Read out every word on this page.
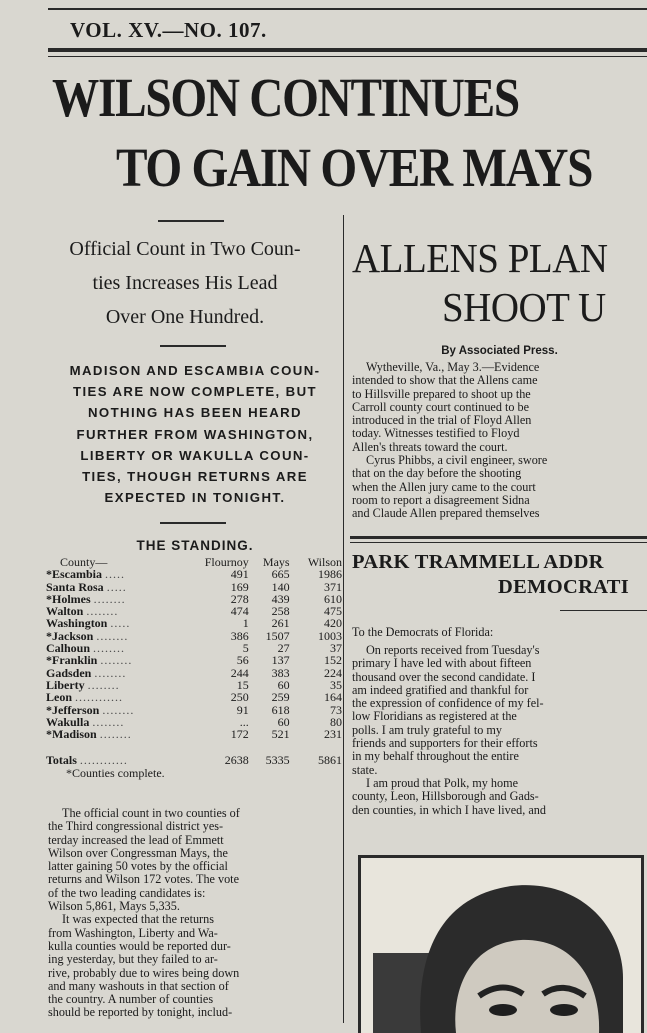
VOL. XV.—NO. 107.
WILSON CONTINUES
TO GAIN OVER MAYS
Official Count in Two Coun-
ties Increases His Lead
Over One Hundred.
MADISON AND ESCAMBIA COUN-
TIES ARE NOW COMPLETE, BUT
NOTHING HAS BEEN HEARD
FURTHER FROM WASHINGTON,
LIBERTY OR WAKULLA COUN-
TIES, THOUGH RETURNS ARE
EXPECTED IN TONIGHT.
THE STANDING.
County—	Flournoy	Mays	Wilson
*Escambia .....	491	665	1986
Santa Rosa .....	169	140	371
*Holmes ........	278	439	610
Walton ........	474	258	475
Washington .....	1	261	420
*Jackson ........	386	1507	1003
Calhoun ........	5	27	37
*Franklin ........	56	137	152
Gadsden ........	244	383	224
Liberty ........	15	60	35
Leon ............	250	259	164
*Jefferson ........	91	618	73
Wakulla ........	...	60	80
*Madison ........	172	521	231
Totals ............	2638	5335	5861
*Counties complete.			
The official count in two counties of
the Third congressional district yes-
terday increased the lead of Emmett
Wilson over Congressman Mays, the
latter gaining 50 votes by the official
returns and Wilson 172 votes. The vote
of the two leading candidates is:
Wilson 5,861, Mays 5,335.
It was expected that the returns
from Washington, Liberty and Wa-
kulla counties would be reported dur-
ing yesterday, but they failed to ar-
rive, probably due to wires being down
and many washouts in that section of
the country. A number of counties
should be reported by tonight, includ-
ALLENS PLAN
SHOOT U
By Associated Press.
Wytheville, Va., May 3.—Evidence
intended to show that the Allens came
to Hillsville prepared to shoot up the
Carroll county court continued to be
introduced in the trial of Floyd Allen
today. Witnesses testified to Floyd
Allen's threats toward the court.
Cyrus Phibbs, a civil engineer, swore
that on the day before the shooting
when the Allen jury came to the court
room to report a disagreement Sidna
and Claude Allen prepared themselves
PARK TRAMMELL ADDR
DEMOCRATI
To the Democrats of Florida:
On reports received from Tuesday's
primary I have led with about fifteen
thousand over the second candidate. I
am indeed gratified and thankful for
the expression of confidence of my fel-
low Floridians as registered at the
polls. I am truly grateful to my
friends and supporters for their efforts
in my behalf throughout the entire
state.
I am proud that Polk, my home
county, Leon, Hillsborough and Gads-
den counties, in which I have lived, and
